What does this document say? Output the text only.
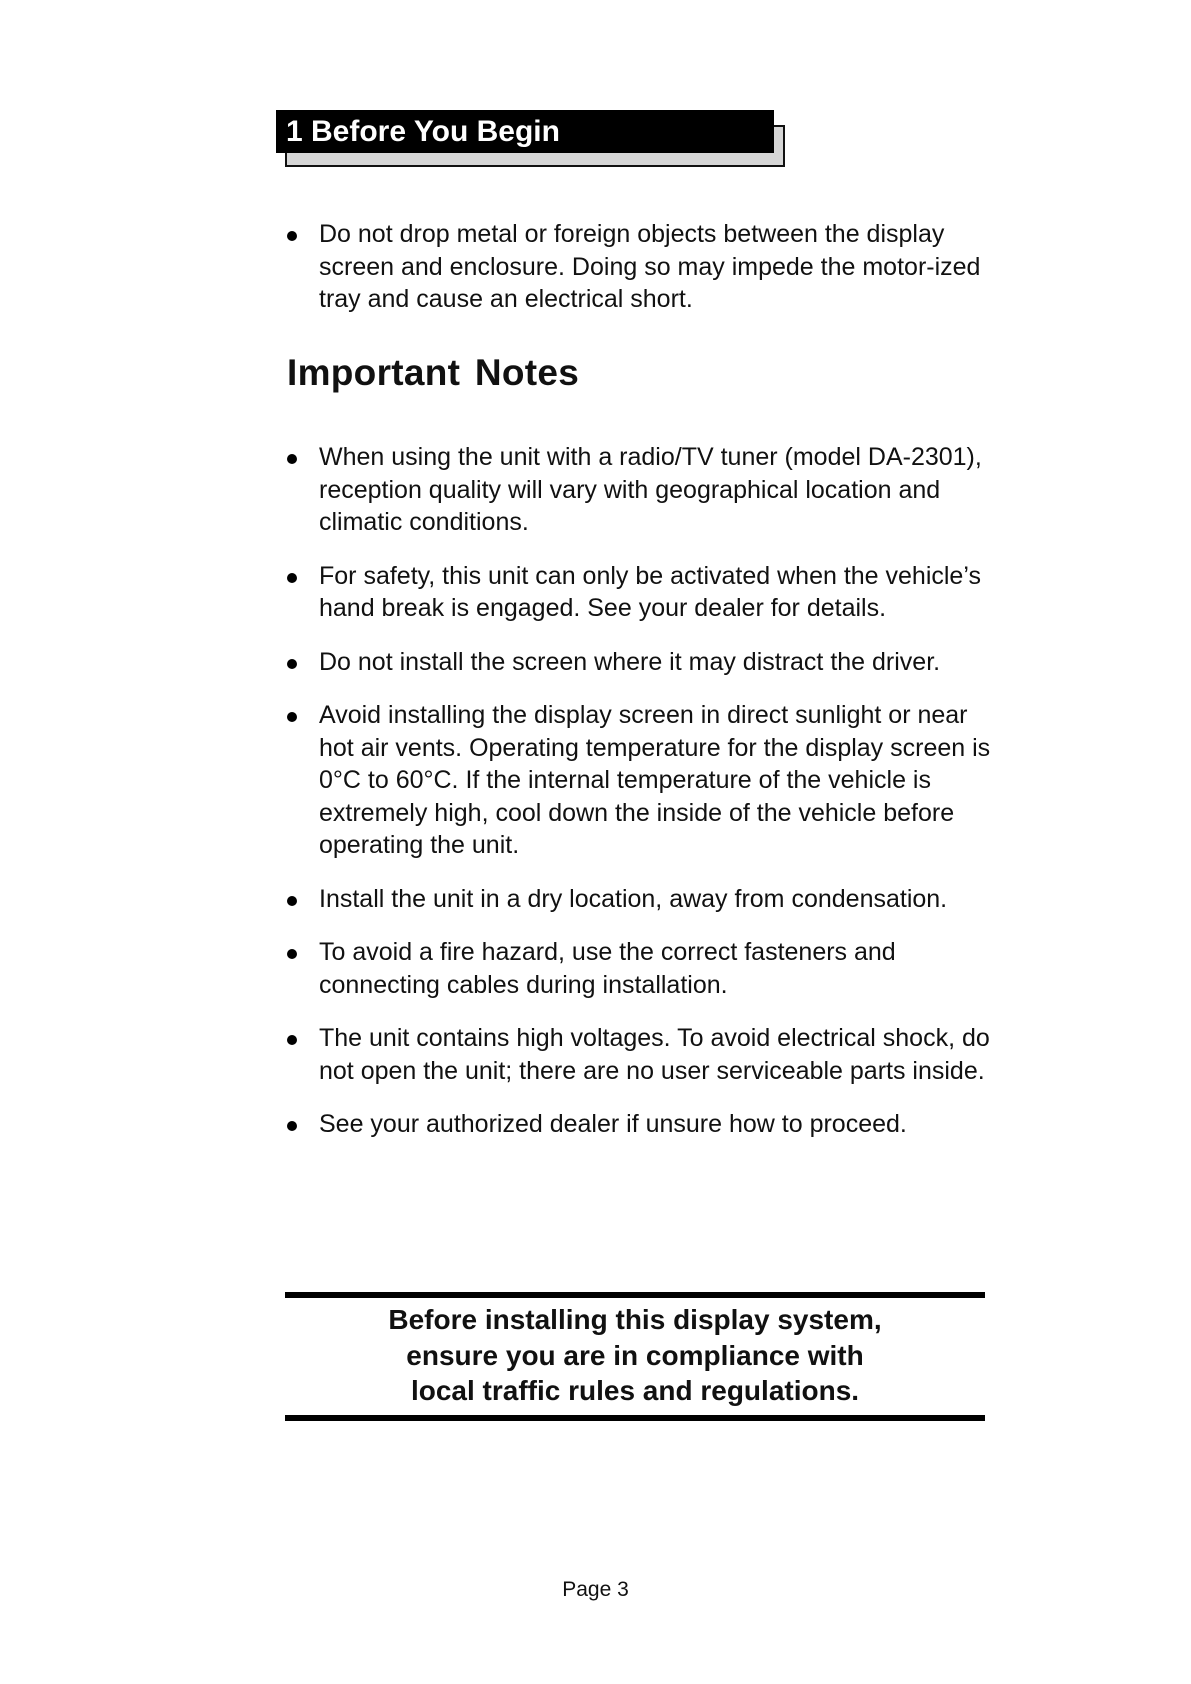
1 Before You Begin
Do not drop metal or foreign objects between the display screen and enclosure. Doing so may impede the motor-ized tray and cause an electrical short.
Important Notes
When using the unit with a radio/TV tuner (model DA-2301), reception quality will vary with geographical location and climatic conditions.
For safety, this unit can only be activated when the vehicle’s hand break is engaged. See your dealer for details.
Do not install the screen where it may distract the driver.
Avoid installing the display screen in direct sunlight or near hot air vents. Operating temperature for the display screen is 0°C to 60°C. If the internal temperature of the vehicle is extremely high, cool down the inside of the vehicle before operating the unit.
Install the unit in a dry location, away from condensation.
To avoid a fire hazard, use the correct fasteners and connecting cables during installation.
The unit contains high voltages. To avoid electrical shock, do not open the unit; there are no user serviceable parts inside.
See your authorized dealer if unsure how to proceed.
Before installing this display system,
ensure you are in compliance with
local traffic rules and regulations.
Page 3
